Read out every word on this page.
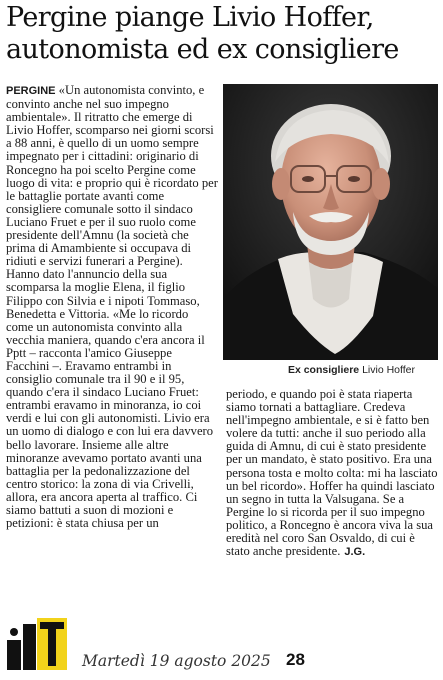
Pergine piange Livio Hoffer,
autonomista ed ex consigliere

PERGINE «Un autonomista convinto, e convinto anche nel suo impegno ambientale». Il ritratto che emerge di Livio Hoffer, scomparso nei giorni scorsi a 88 anni, è quello di un uomo sempre impegnato per i cittadini: originario di Roncegno ha poi scelto Pergine come luogo di vita: e proprio qui è ricordato per le battaglie portate avanti come consigliere comunale sotto il sindaco Luciano Fruet e per il suo ruolo come presidente dell'Amnu (la società che prima di Amambiente si occupava di ridiuti e servizi funerari a Pergine). Hanno dato l'annuncio della sua scomparsa la moglie Elena, il figlio Filippo con Silvia e i nipoti Tommaso, Benedetta e Vittoria. «Me lo ricordo come un autonomista convinto alla vecchia maniera, quando c'era ancora il Pptt – racconta l'amico Giuseppe Facchini –. Eravamo entrambi in consiglio comunale tra il 90 e il 95, quando c'era il sindaco Luciano Fruet: entrambi eravamo in minoranza, io coi verdi e lui con gli autonomisti. Livio era un uomo di dialogo e con lui era davvero bello lavorare. Insieme alle altre minoranze avevamo portato avanti una battaglia per la pedonalizzazione del centro storico: la zona di via Crivelli, allora, era ancora aperta al traffico. Ci siamo battuti a suon di mozioni e petizioni: è stata chiusa per un

Ex consigliere Livio Hoffer

periodo, e quando poi è stata riaperta siamo tornati a battagliare. Credeva nell'impegno ambientale, e si è fatto ben volere da tutti: anche il suo periodo alla guida di Amnu, di cui è stato presidente per un mandato, è stato positivo. Era una persona tosta e molto colta: mi ha lasciato un bel ricordo». Hoffer ha quindi lasciato un segno in tutta la Valsugana. Se a Pergine lo si ricorda per il suo impegno politico, a Roncegno è ancora viva la sua eredità nel coro San Osvaldo, di cui è stato anche presidente. J.G.

Martedì 19 agosto 2025 28
